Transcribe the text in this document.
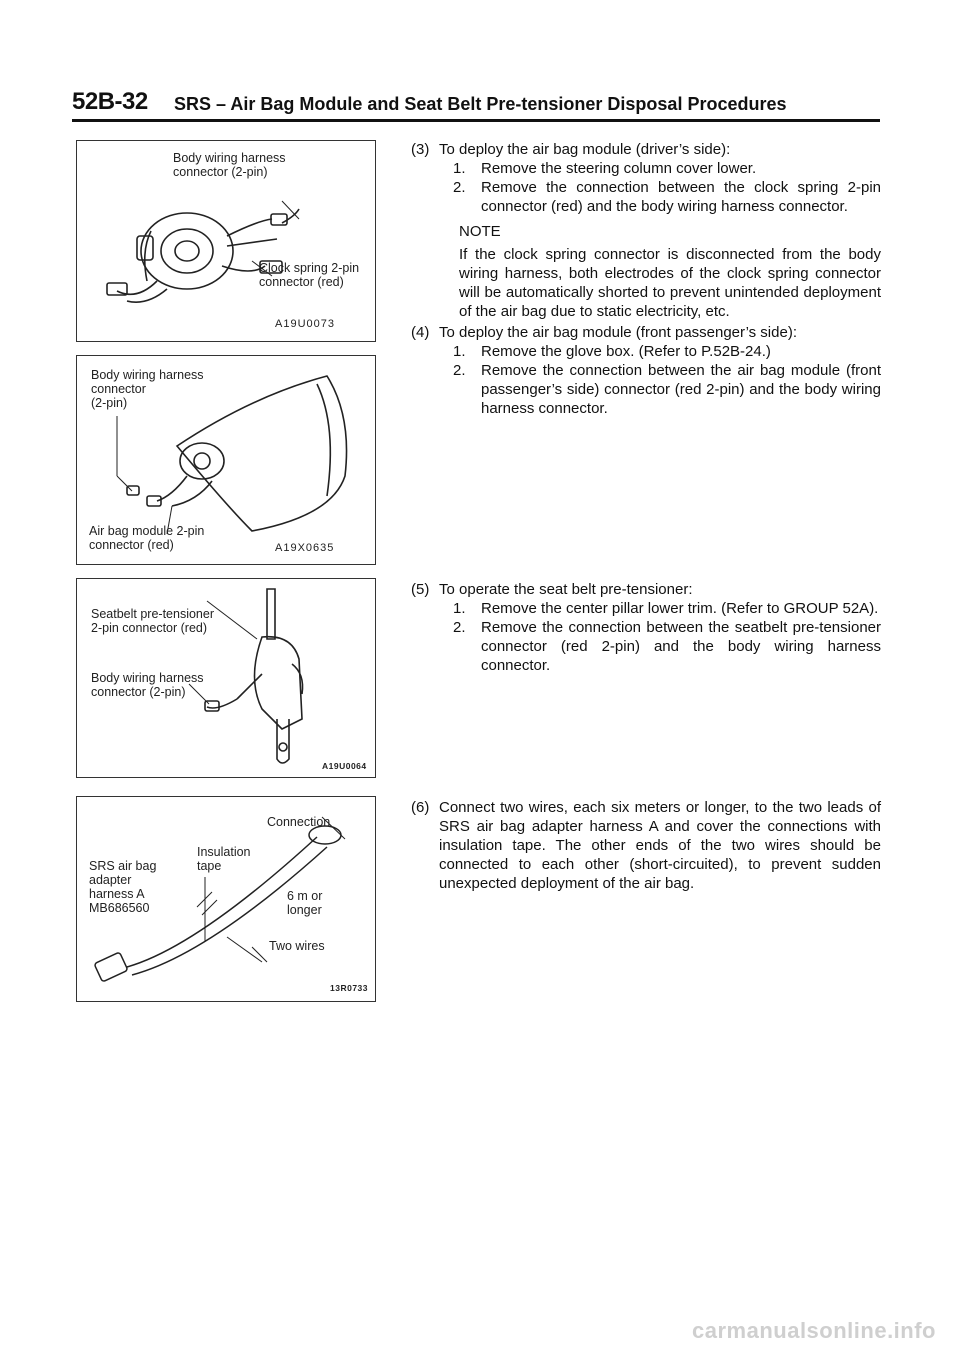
52B-32 SRS – Air Bag Module and Seat Belt Pre-tensioner Disposal Procedures
Body wiring harness
connector (2-pin)
Clock spring 2-pin
connector (red)
A19U0073
Body wiring harness
connector
(2-pin)
Air bag module 2-pin
connector (red)	A19X0635
Seatbelt pre-tensioner
2-pin connector (red)
Body wiring harness
connector (2-pin)
A19U0064
Connection
Insulation
tape
SRS air bag
adapter
harness A
MB686560
6 m or
longer
Two wires
13R0733
(3) To deploy the air bag module (driver’s side):
1. Remove the steering column cover lower.
2. Remove the connection between the clock spring 2-pin connector (red) and the body wiring harness connector.
NOTE
If the clock spring connector is disconnected from the body wiring harness, both electrodes of the clock spring connector will be automatically shorted to prevent unintended deployment of the air bag due to static electricity, etc.
(4) To deploy the air bag module (front passenger’s side):
1. Remove the glove box. (Refer to P.52B-24.)
2. Remove the connection between the air bag module (front passenger’s side) connector (red 2-pin) and the body wiring harness connector.
(5) To operate the seat belt pre-tensioner:
1. Remove the center pillar lower trim. (Refer to GROUP 52A).
2. Remove the connection between the seatbelt pre-tensioner connector (red 2-pin) and the body wiring harness connector.
(6) Connect two wires, each six meters or longer, to the two leads of SRS air bag adapter harness A and cover the connections with insulation tape. The other ends of the two wires should be connected to each other (short-circuited), to prevent sudden unexpected deployment of the air bag.
carmanualsonline.info
